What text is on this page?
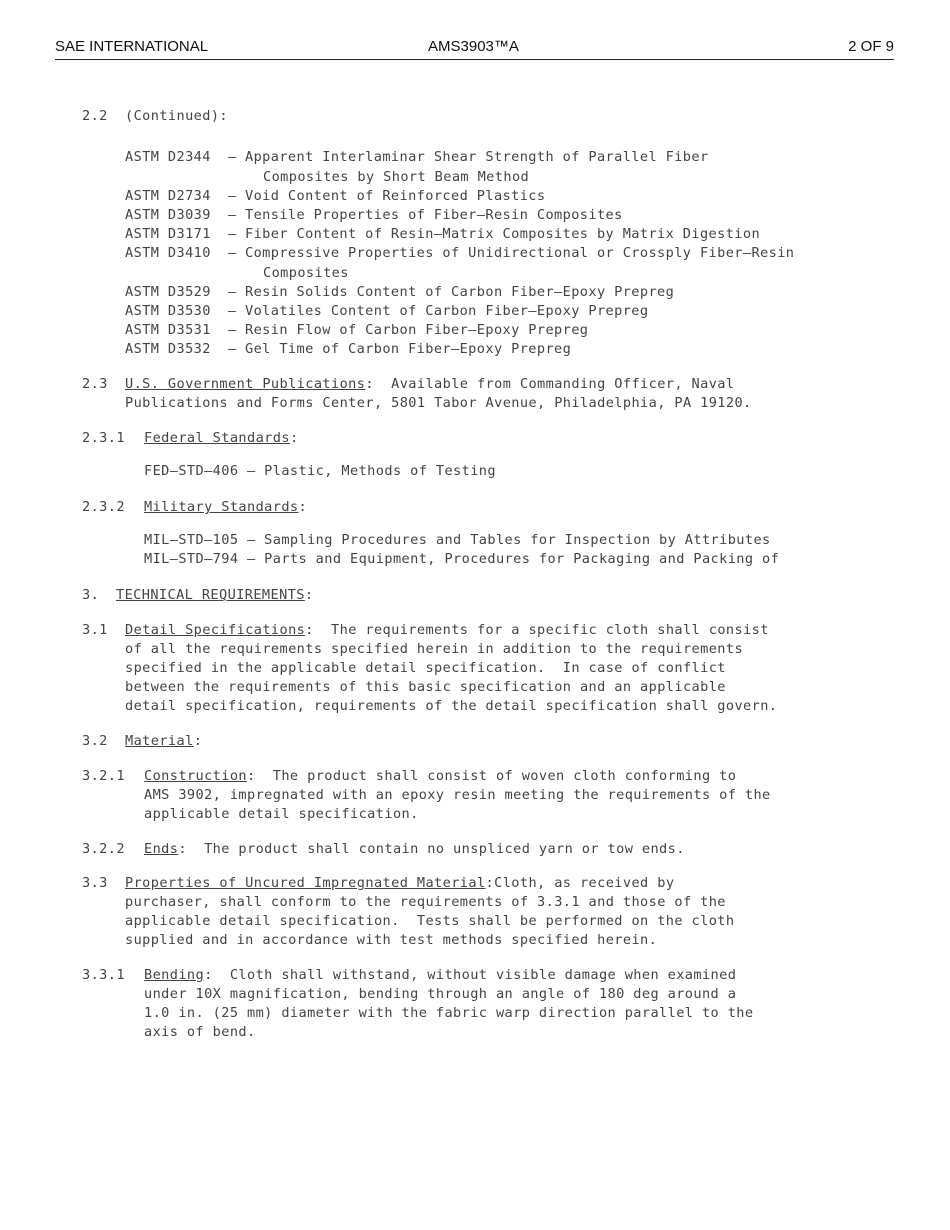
SAE INTERNATIONAL	AMS3903™A	2 OF 9
2.2 (Continued):
ASTM D2344 – Apparent Interlaminar Shear Strength of Parallel Fiber
Composites by Short Beam Method
ASTM D2734 – Void Content of Reinforced Plastics
ASTM D3039 – Tensile Properties of Fiber–Resin Composites
ASTM D3171 – Fiber Content of Resin–Matrix Composites by Matrix Digestion
ASTM D3410 – Compressive Properties of Unidirectional or Crossply Fiber–Resin
Composites
ASTM D3529 – Resin Solids Content of Carbon Fiber–Epoxy Prepreg
ASTM D3530 – Volatiles Content of Carbon Fiber–Epoxy Prepreg
ASTM D3531 – Resin Flow of Carbon Fiber–Epoxy Prepreg
ASTM D3532 – Gel Time of Carbon Fiber–Epoxy Prepreg
2.3 U.S. Government Publications:  Available from Commanding Officer, Naval
Publications and Forms Center, 5801 Tabor Avenue, Philadelphia, PA 19120.
2.3.1 Federal Standards:
FED–STD–406 – Plastic, Methods of Testing
2.3.2 Military Standards:
MIL–STD–105 – Sampling Procedures and Tables for Inspection by Attributes
MIL–STD–794 – Parts and Equipment, Procedures for Packaging and Packing of
3. TECHNICAL REQUIREMENTS:
3.1 Detail Specifications:  The requirements for a specific cloth shall consist
of all the requirements specified herein in addition to the requirements
specified in the applicable detail specification.  In case of conflict
between the requirements of this basic specification and an applicable
detail specification, requirements of the detail specification shall govern.
3.2 Material:
3.2.1 Construction:  The product shall consist of woven cloth conforming to
AMS 3902, impregnated with an epoxy resin meeting the requirements of the
applicable detail specification.
3.2.2 Ends:  The product shall contain no unspliced yarn or tow ends.
3.3 Properties of Uncured Impregnated Material:Cloth, as received by
purchaser, shall conform to the requirements of 3.3.1 and those of the
applicable detail specification.  Tests shall be performed on the cloth
supplied and in accordance with test methods specified herein.
3.3.1 Bending:  Cloth shall withstand, without visible damage when examined
under 10X magnification, bending through an angle of 180 deg around a
1.0 in. (25 mm) diameter with the fabric warp direction parallel to the
axis of bend.
